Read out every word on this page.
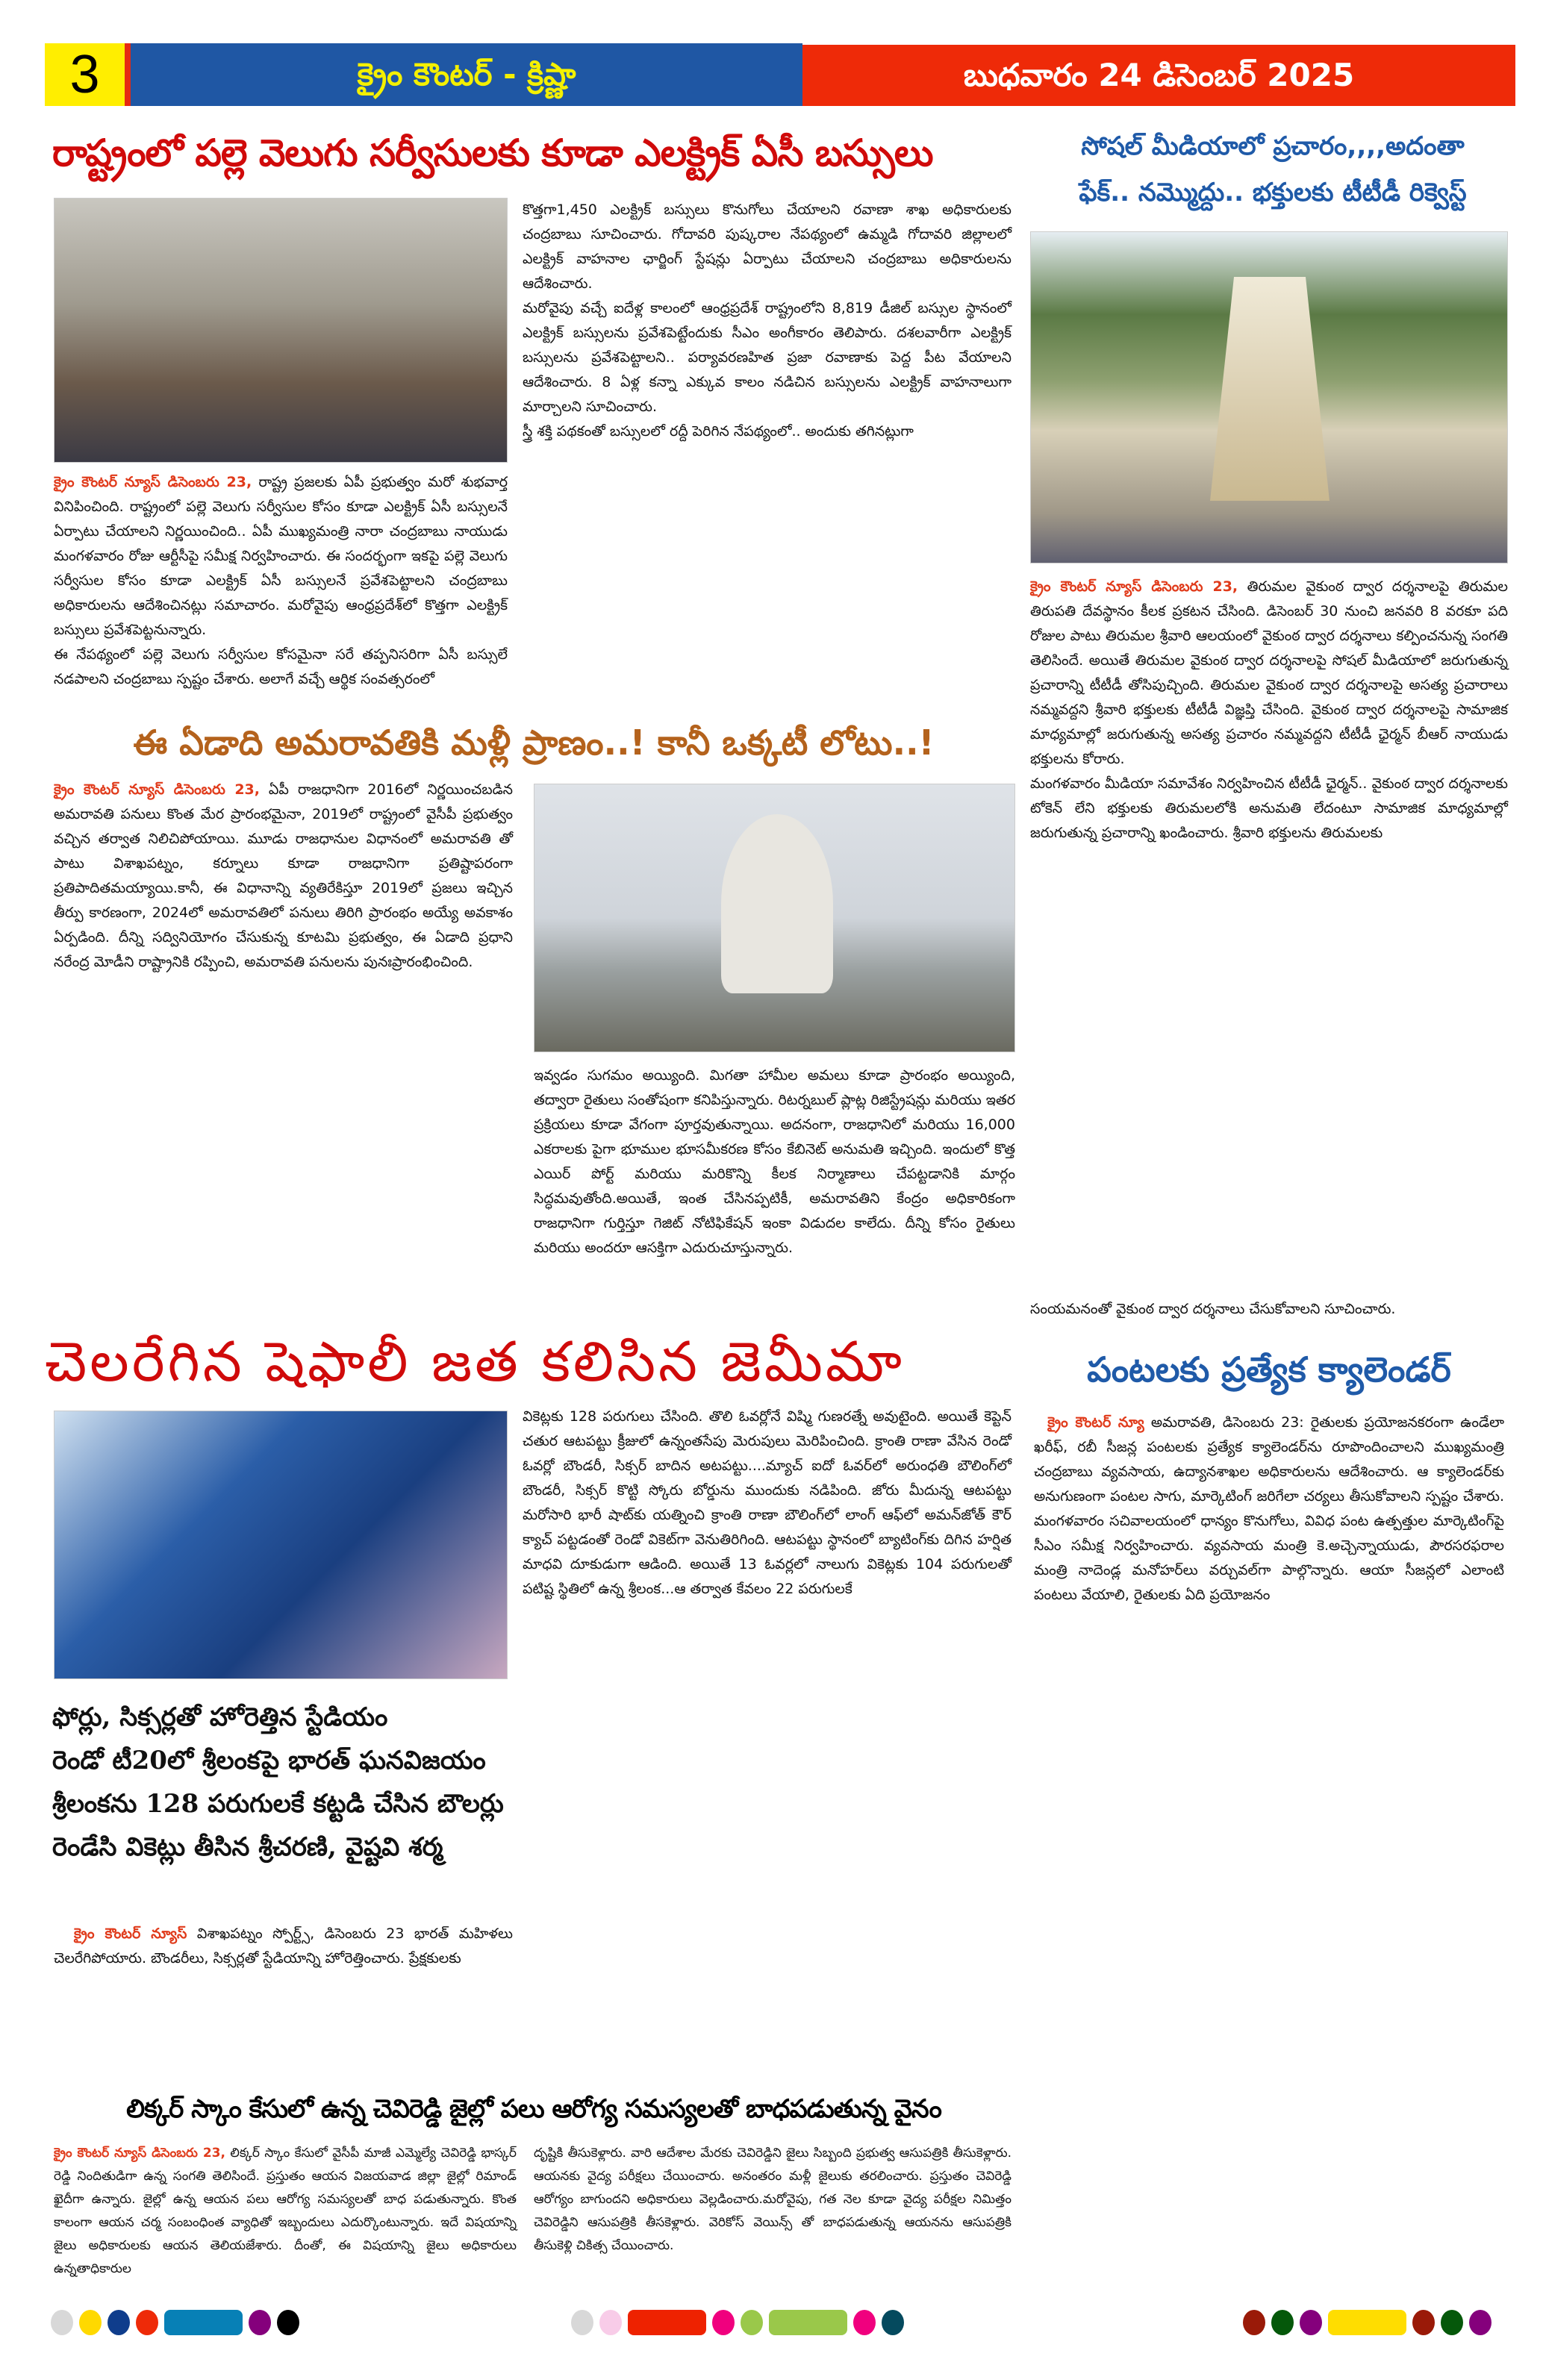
3	క్రైం కౌంటర్ - క్రిష్ణా	బుధవారం 24 డిసెంబర్ 2025
రాష్ట్రంలో పల్లె వెలుగు సర్వీసులకు కూడా ఎలక్ట్రిక్ ఏసీ బస్సులు

క్రైం కౌంటర్ న్యూస్ డిసెంబరు 23, రాష్ట్ర ప్రజలకు ఏపీ ప్రభుత్వం మరో శుభవార్త వినిపించింది. రాష్ట్రంలో పల్లె వెలుగు సర్వీసుల కోసం కూడా ఎలక్ట్రిక్ ఏసీ బస్సులనే ఏర్పాటు చేయాలని నిర్ణయించింది.. ఏపీ ముఖ్యమంత్రి నారా చంద్రబాబు నాయుడు మంగళవారం రోజు ఆర్టీసీపై సమీక్ష నిర్వహించారు. ఈ సందర్భంగా ఇకపై పల్లె వెలుగు సర్వీసుల కోసం కూడా ఎలక్ట్రిక్ ఏసీ బస్సులనే ప్రవేశపెట్టాలని చంద్రబాబు అధికారులను ఆదేశించినట్లు సమాచారం. మరోవైపు ఆంధ్రప్రదేశ్‌లో కొత్తగా ఎలక్ట్రిక్ బస్సులు ప్రవేశపెట్టనున్నారు.

ఈ నేపథ్యంలో పల్లె వెలుగు సర్వీసుల కోసమైనా సరే తప్పనిసరిగా ఏసీ బస్సులే నడపాలని చంద్రబాబు స్పష్టం చేశారు. అలాగే వచ్చే ఆర్థిక సంవత్సరంలో

కొత్తగా1,450 ఎలక్ట్రిక్ బస్సులు కొనుగోలు చేయాలని రవాణా శాఖ అధికారులకు చంద్రబాబు సూచించారు. గోదావరి పుష్కరాల నేపథ్యంలో ఉమ్మడి గోదావరి జిల్లాలలో ఎలక్ట్రిక్ వాహనాల ఛార్జింగ్ స్టేషన్లు ఏర్పాటు చేయాలని చంద్రబాబు అధికారులను ఆదేశించారు.

మరోవైపు వచ్చే ఐదేళ్ల కాలంలో ఆంధ్రప్రదేశ్ రాష్ట్రంలోని 8,819 డీజిల్ బస్సుల స్థానంలో ఎలక్ట్రిక్ బస్సులను ప్రవేశపెట్టేందుకు సీఎం అంగీకారం తెలిపారు. దశలవారీగా ఎలక్ట్రిక్ బస్సులను ప్రవేశపెట్టాలని.. పర్యావరణహిత ప్రజా రవాణాకు పెద్ద పీట వేయాలని ఆదేశించారు. 8 ఏళ్ల కన్నా ఎక్కువ కాలం నడిచిన బస్సులను ఎలక్ట్రిక్ వాహనాలుగా మార్చాలని సూచించారు.

స్త్రీ శక్తి పథకంతో బస్సులలో రద్దీ పెరిగిన నేపథ్యంలో.. అందుకు తగినట్లుగా

సోషల్ మీడియాలో ప్రచారం,,,,అదంతా
ఫేక్.. నమ్మొద్దు.. భక్తులకు టీటీడీ రిక్వెస్ట్

క్రైం కౌంటర్ న్యూస్ డిసెంబరు 23, తిరుమల వైకుంఠ ద్వార దర్శనాలపై తిరుమల తిరుపతి దేవస్థానం కీలక ప్రకటన చేసింది. డిసెంబర్ 30 నుంచి జనవరి 8 వరకూ పది రోజుల పాటు తిరుమల శ్రీవారి ఆలయంలో వైకుంఠ ద్వార దర్శనాలు కల్పించనున్న సంగతి తెలిసిందే. అయితే తిరుమల వైకుంఠ ద్వార దర్శనాలపై సోషల్ మీడియాలో జరుగుతున్న ప్రచారాన్ని టీటీడీ తోసిపుచ్చింది. తిరుమల వైకుంఠ ద్వార దర్శనాలపై అసత్య ప్రచారాలు నమ్మవద్దని శ్రీవారి భక్తులకు టీటీడీ విజ్ఞప్తి చేసింది. వైకుంఠ ద్వార దర్శనాలపై సామాజిక మాధ్యమాల్లో జరుగుతున్న అసత్య ప్రచారం నమ్మవద్దని టీటీడీ ఛైర్మన్ బీఆర్ నాయుడు భక్తులను కోరారు.

మంగళవారం మీడియా సమావేశం నిర్వహించిన టీటీడీ ఛైర్మన్.. వైకుంఠ ద్వార దర్శనాలకు టోకెన్ లేని భక్తులకు తిరుమలలోకి అనుమతి లేదంటూ సామాజిక మాధ్యమాల్లో జరుగుతున్న ప్రచారాన్ని ఖండించారు. శ్రీవారి భక్తులను తిరుమలకు

సంయమనంతో వైకుంఠ ద్వార దర్శనాలు చేసుకోవాలని సూచించారు.
ఈ ఏడాది అమరావతికి మళ్లీ ప్రాణం..! కానీ ఒక్కటీ లోటు..!

క్రైం కౌంటర్ న్యూస్ డిసెంబరు 23, ఏపీ రాజధానిగా 2016లో నిర్ణయించబడిన అమరావతి పనులు కొంత మేర ప్రారంభమైనా, 2019లో రాష్ట్రంలో వైసీపీ ప్రభుత్వం వచ్చిన తర్వాత నిలిచిపోయాయి. మూడు రాజధానుల విధానంలో అమరావతి తో పాటు విశాఖపట్నం, కర్నూలు కూడా రాజధానిగా ప్రతిష్టాపరంగా ప్రతిపాదితమయ్యాయి.కానీ, ఈ విధానాన్ని వ్యతిరేకిస్తూ 2019లో ప్రజలు ఇచ్చిన తీర్పు కారణంగా, 2024లో అమరావతిలో పనులు తిరిగి ప్రారంభం అయ్యే అవకాశం ఏర్పడింది. దీన్ని సద్వినియోగం చేసుకున్న కూటమి ప్రభుత్వం, ఈ ఏడాది ప్రధాని నరేంద్ర మోడీని రాష్ట్రానికి రప్పించి, అమరావతి పనులను పునఃప్రారంభించింది.

ఇవ్వడం సుగమం అయ్యింది. మిగతా హామీల అమలు కూడా ప్రారంభం అయ్యింది, తద్వారా రైతులు సంతోషంగా కనిపిస్తున్నారు. రిటర్నబుల్ ప్లాట్ల రిజిస్ట్రేషన్లు మరియు ఇతర ప్రక్రియలు కూడా వేగంగా పూర్తవుతున్నాయి. అదనంగా, రాజధానిలో మరియు 16,000 ఎకరాలకు పైగా భూముల భూసమీకరణ కోసం కేబినెట్ అనుమతి ఇచ్చింది. ఇందులో కొత్త ఎయిర్ పోర్ట్ మరియు మరికొన్ని కీలక నిర్మాణాలు చేపట్టడానికి మార్గం సిద్ధమవుతోంది.అయితే, ఇంత చేసినప్పటికీ, అమరావతిని కేంద్రం అధికారికంగా రాజధానిగా గుర్తిస్తూ గెజిట్ నోటిఫికేషన్ ఇంకా విడుదల కాలేదు. దీన్ని కోసం రైతులు మరియు అందరూ ఆసక్తిగా ఎదురుచూస్తున్నారు.

చెలరేగిన షెఫాలీ జత కలిసిన జెమీమా
ఫోర్లు, సిక్సర్లతో హోరెత్తిన స్టేడియం
రెండో టీ20లో శ్రీలంకపై భారత్ ఘనవిజయం
శ్రీలంకను 128 పరుగులకే కట్టడి చేసిన బౌలర్లు
రెండేసి వికెట్లు తీసిన శ్రీచరణి, వైష్టవి శర్మ

క్రైం కౌంటర్ న్యూస్ విశాఖపట్నం స్పోర్ట్స్, డిసెంబరు 23 భారత్ మహిళలు చెలరేగిపోయారు. బౌండరీలు, సిక్సర్లతో స్టేడియాన్ని హోరెత్తించారు. ప్రేక్షకులకు

వికెట్లకు 128 పరుగులు చేసింది. తొలి ఓవర్లోనే విష్మి గుణరత్నే అవుటైంది. అయితే కెప్టెన్ చతుర ఆటపట్టు క్రీజులో ఉన్నంతసేపు మెరుపులు మెరిపించింది. క్రాంతి రాణా వేసిన రెండో ఓవర్లో బౌండరీ, సిక్సర్ బాదిన అటపట్టు....మ్యాచ్ ఐదో ఓవర్‌లో అరుంధతి బౌలింగ్‌లో బౌండరీ, సిక్సర్ కొట్టి స్కోరు బోర్డును ముందుకు నడిపింది. జోరు మీదున్న ఆటపట్టు మరోసారి భారీ షాట్‌కు యత్నించి క్రాంతి రాణా బౌలింగ్‌లో లాంగ్ ఆఫ్‌లో అమన్‌జోత్ కౌర్ క్యాచ్ పట్టడంతో రెండో వికెట్‌గా వెనుతిరిగింది. ఆటపట్టు స్థానంలో బ్యాటింగ్‌కు దిగిన హర్షిత మాధవి దూకుడుగా ఆడింది. అయితే 13 ఓవర్లలో నాలుగు వికెట్లకు 104 పరుగులతో పటిష్ట స్థితిలో ఉన్న శ్రీలంక...ఆ తర్వాత కేవలం 22 పరుగులకే

పంటలకు ప్రత్యేక క్యాలెండర్

క్రైం కౌంటర్ న్యూ అమరావతి, డిసెంబరు 23: రైతులకు ప్రయోజనకరంగా ఉండేలా ఖరీఫ్, రబీ సీజన్ల పంటలకు ప్రత్యేక క్యాలెండర్‌ను రూపొందించాలని ముఖ్యమంత్రి చంద్రబాబు వ్యవసాయ, ఉద్యానశాఖల అధికారులను ఆదేశించారు. ఆ క్యాలెండర్‌కు అనుగుణంగా పంటల సాగు, మార్కెటింగ్ జరిగేలా చర్యలు తీసుకోవాలని స్పష్టం చేశారు. మంగళవారం సచివాలయంలో ధాన్యం కొనుగోలు, వివిధ పంట ఉత్పత్తుల మార్కెటింగ్‌పై సీఎం సమీక్ష నిర్వహించారు. వ్యవసాయ మంత్రి కె.అచ్చెన్నాయుడు, పౌరసరఫరాల మంత్రి నాదెండ్ల మనోహర్‌లు వర్చువల్‌గా పాల్గొన్నారు. ఆయా సీజన్లలో ఎలాంటి పంటలు వేయాలి, రైతులకు ఏది ప్రయోజనం

లిక్కర్ స్కాం కేసులో ఉన్న చెవిరెడ్డి జైల్లో పలు ఆరోగ్య సమస్యలతో బాధపడుతున్న వైనం

క్రైం కౌంటర్ న్యూస్ డిసెంబరు 23, లిక్కర్ స్కాం కేసులో వైసీపీ మాజీ ఎమ్మెల్యే చెవిరెడ్డి భాస్కర్ రెడ్డి నిందితుడిగా ఉన్న సంగతి తెలిసిందే. ప్రస్తుతం ఆయన విజయవాడ జిల్లా జైల్లో రిమాండ్ ఖైదీగా ఉన్నారు. జైల్లో ఉన్న ఆయన పలు ఆరోగ్య సమస్యలతో బాధ పడుతున్నారు. కొంత కాలంగా ఆయన చర్మ సంబంధింత వ్యాధితో ఇబ్బందులు ఎదుర్కొంటున్నారు. ఇదే విషయాన్ని జైలు అధికారులకు ఆయన తెలియజేశారు. దీంతో, ఈ విషయాన్ని జైలు అధికారులు ఉన్నతాధికారుల

దృష్టికి తీసుకెళ్లారు. వారి ఆదేశాల మేరకు చెవిరెడ్డిని జైలు సిబ్బంది ప్రభుత్వ ఆసుపత్రికి తీసుకెళ్లారు. ఆయనకు వైద్య పరీక్షలు చేయించారు. అనంతరం మళ్లీ జైలుకు తరలించారు. ప్రస్తుతం చెవిరెడ్డి ఆరోగ్యం బాగుందని అధికారులు వెల్లడించారు.మరోవైపు, గత నెల కూడా వైద్య పరీక్షల నిమిత్తం చెవిరెడ్డిని ఆసుపత్రికి తీసకెళ్లారు. వెరికోస్ వెయిన్స్ తో బాధపడుతున్న ఆయనను ఆసుపత్రికి తీసుకెళ్లి చికిత్స చేయించారు.
